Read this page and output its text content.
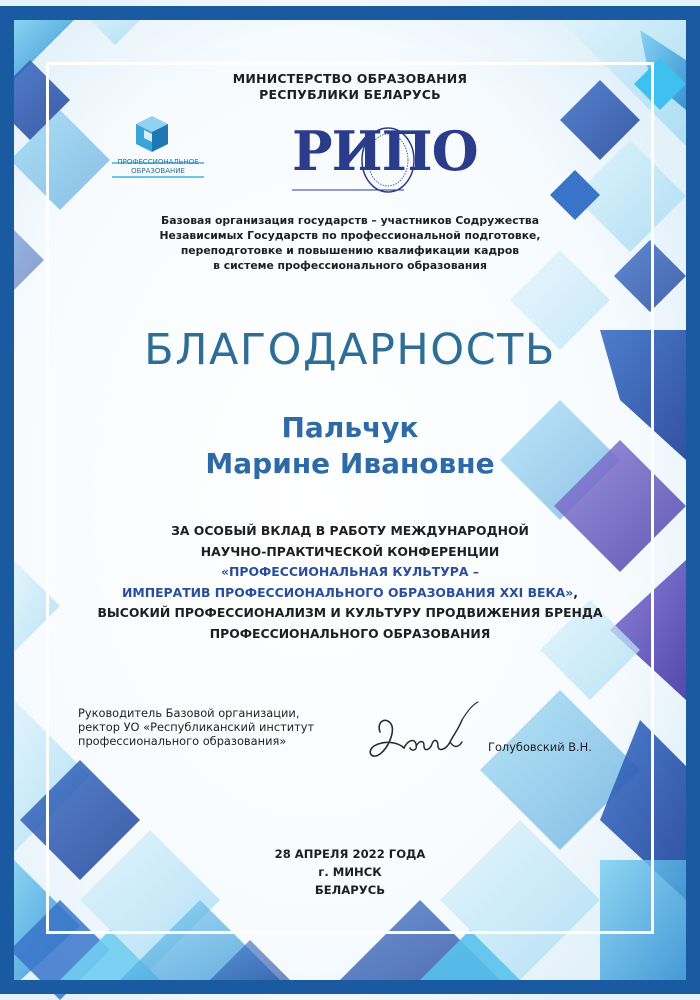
МИНИСТЕРСТВО ОБРАЗОВАНИЯ
РЕСПУБЛИКИ БЕЛАРУСЬ
ПРОФЕССИОНАЛЬНОЕ
ОБРАЗОВАНИЕ	РИПО
Базовая организация государств – участников Содружества
Независимых Государств по профессиональной подготовке,
переподготовке и повышению квалификации кадров
в системе профессионального образования
БЛАГОДАРНОСТЬ
Пальчук
Марине Ивановне
ЗА ОСОБЫЙ ВКЛАД В РАБОТУ МЕЖДУНАРОДНОЙ
НАУЧНО-ПРАКТИЧЕСКОЙ КОНФЕРЕНЦИИ
«ПРОФЕССИОНАЛЬНАЯ КУЛЬТУРА –
ИМПЕРАТИВ ПРОФЕССИОНАЛЬНОГО ОБРАЗОВАНИЯ XXI ВЕКА»,
ВЫСОКИЙ ПРОФЕССИОНАЛИЗМ И КУЛЬТУРУ ПРОДВИЖЕНИЯ БРЕНДА
ПРОФЕССИОНАЛЬНОГО ОБРАЗОВАНИЯ
Руководитель Базовой организации,
ректор УО «Республиканский институт
профессионального образования»	Голубовский В.Н.
28 АПРЕЛЯ 2022 ГОДА
г. МИНСК
БЕЛАРУСЬ
